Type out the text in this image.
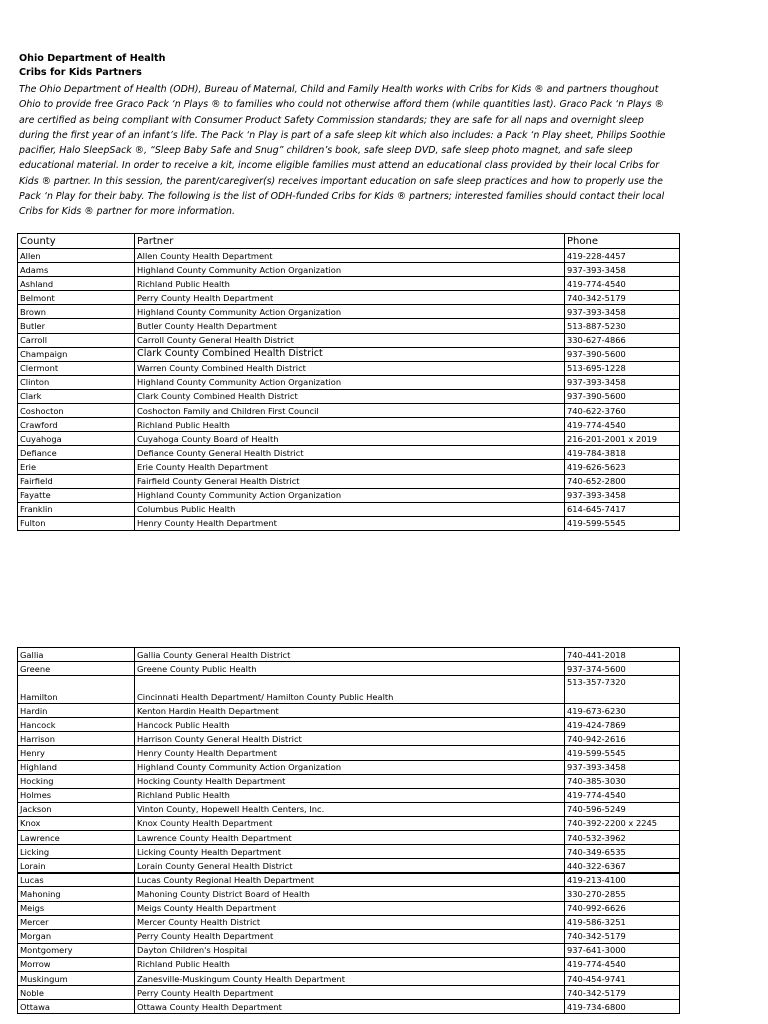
Ohio Department of Health
Cribs for Kids Partners
The Ohio Department of Health (ODH), Bureau of Maternal, Child and Family Health works with Cribs for Kids ® and partners thoughout Ohio to provide free Graco Pack ‘n Plays ® to families who could not otherwise afford them (while quantities last). Graco Pack ‘n Plays ® are certified as being compliant with Consumer Product Safety Commission standards; they are safe for all naps and overnight sleep during the first year of an infant’s life. The Pack ‘n Play is part of a safe sleep kit which also includes: a Pack ‘n Play sheet, Philips Soothie pacifier, Halo SleepSack ®, “Sleep Baby Safe and Snug” children’s book, safe sleep DVD, safe sleep photo magnet, and safe sleep educational material. In order to receive a kit, income eligible families must attend an educational class provided by their local Cribs for Kids ® partner. In this session, the parent/caregiver(s) receives important education on safe sleep practices and how to properly use the Pack ‘n Play for their baby. The following is the list of ODH-funded Cribs for Kids ® partners; interested families should contact their local Cribs for Kids ® partner for more information.
County	Partner	Phone
Allen	Allen County Health Department	419-228-4457
Adams	Highland County Community Action Organization	937-393-3458
Ashland	Richland Public Health	419-774-4540
Belmont	Perry County Health Department	740-342-5179
Brown	Highland County Community Action Organization	937-393-3458
Butler	Butler County Health Department	513-887-5230
Carroll	Carroll County General Health District	330-627-4866
Champaign	Clark County Combined Health District	937-390-5600
Clermont	Warren County Combined Health District	513-695-1228
Clinton	Highland County Community Action Organization	937-393-3458
Clark	Clark County Combined Health District	937-390-5600
Coshocton	Coshocton Family and Children First Council	740-622-3760
Crawford	Richland Public Health	419-774-4540
Cuyahoga	Cuyahoga County Board of Health	216-201-2001 x 2019
Defiance	Defiance County General Health District	419-784-3818
Erie	Erie County Health Department	419-626-5623
Fairfield	Fairfield County General Health District	740-652-2800
Fayatte	Highland County Community Action Organization	937-393-3458
Franklin	Columbus Public Health	614-645-7417
Fulton	Henry County Health Department	419-599-5545
Gallia	Gallia County General Health District	740-441-2018
Greene	Greene County Public Health	937-374-5600
Hamilton	Cincinnati Health Department/ Hamilton County Public Health	513-357-7320
Hardin	Kenton Hardin Health Department	419-673-6230
Hancock	Hancock Public Health	419-424-7869
Harrison	Harrison County General Health District	740-942-2616
Henry	Henry County Health Department	419-599-5545
Highland	Highland County Community Action Organization	937-393-3458
Hocking	Hocking County Health Department	740-385-3030
Holmes	Richland Public Health	419-774-4540
Jackson	Vinton County, Hopewell Health Centers, Inc.	740-596-5249
Knox	Knox County Health Department	740-392-2200 x 2245
Lawrence	Lawrence County Health Department	740-532-3962
Licking	Licking County Health Department	740-349-6535
Lorain	Lorain County General Health District	440-322-6367
Lucas	Lucas County Regional Health Department	419-213-4100
Mahoning	Mahoning County District Board of Health	330-270-2855
Meigs	Meigs County Health Department	740-992-6626
Mercer	Mercer County Health District	419-586-3251
Morgan	Perry County Health Department	740-342-5179
Montgomery	Dayton Children's Hospital	937-641-3000
Morrow	Richland Public Health	419-774-4540
Muskingum	Zanesville-Muskingum County Health Department	740-454-9741
Noble	Perry County Health Department	740-342-5179
Ottawa	Ottawa County Health Department	419-734-6800
